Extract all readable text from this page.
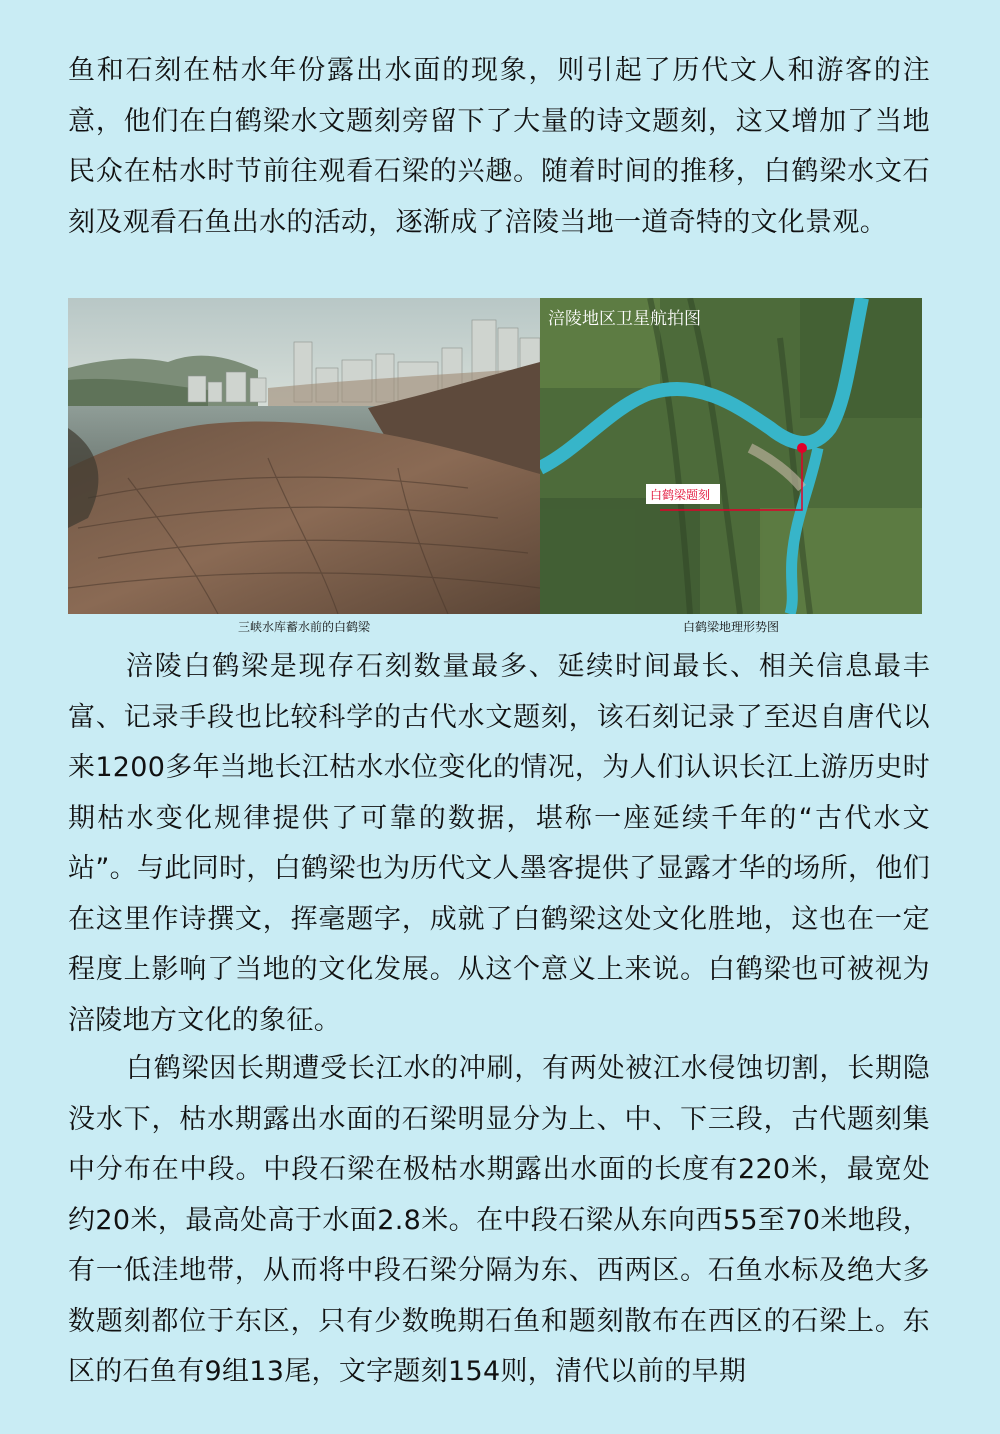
鱼和石刻在枯水年份露出水面的现象，则引起了历代文人和游客的注意，他们在白鹤梁水文题刻旁留下了大量的诗文题刻，这又增加了当地民众在枯水时节前往观看石梁的兴趣。随着时间的推移，白鹤梁水文石刻及观看石鱼出水的活动，逐渐成了涪陵当地一道奇特的文化景观。

涪陵地区卫星航拍图
白鹤梁题刻
三峡水库蓄水前的白鹤梁	白鹤梁地理形势图

涪陵白鹤梁是现存石刻数量最多、延续时间最长、相关信息最丰富、记录手段也比较科学的古代水文题刻，该石刻记录了至迟自唐代以来1200多年当地长江枯水水位变化的情况，为人们认识长江上游历史时期枯水变化规律提供了可靠的数据，堪称一座延续千年的“古代水文站”。与此同时，白鹤梁也为历代文人墨客提供了显露才华的场所，他们在这里作诗撰文，挥毫题字，成就了白鹤梁这处文化胜地，这也在一定程度上影响了当地的文化发展。从这个意义上来说。白鹤梁也可被视为涪陵地方文化的象征。

白鹤梁因长期遭受长江水的冲刷，有两处被江水侵蚀切割，长期隐没水下，枯水期露出水面的石梁明显分为上、中、下三段，古代题刻集中分布在中段。中段石梁在极枯水期露出水面的长度有220米，最宽处约20米，最高处高于水面2.8米。在中段石梁从东向西55至70米地段，有一低洼地带，从而将中段石梁分隔为东、西两区。石鱼水标及绝大多数题刻都位于东区，只有少数晚期石鱼和题刻散布在西区的石梁上。东区的石鱼有9组13尾，文字题刻154则，清代以前的早期
